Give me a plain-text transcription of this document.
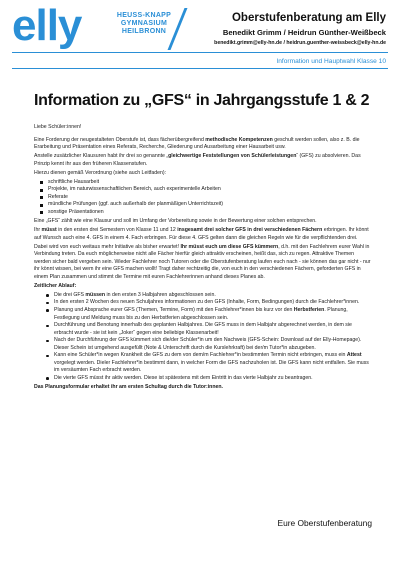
elly	HEUSS-KNAPP
GYMNASIUM
HEILBRONN
Oberstufenberatung am Elly
Benedikt Grimm / Heidrun Günther-Weißbeck
benedikt.grimm@elly-hn.de / heidrun.guenther-weissbeck@elly-hn.de
Information und Hauptwahl Klasse 10
Information zu „GFS“ in Jahrgangsstufe 1 & 2

Liebe Schüler:innen!

Eine Forderung der neugestalteten Oberstufe ist, dass fächerübergreifend methodische Kompetenzen geschult werden sollen, also z. B. die Erarbeitung und Präsentation eines Referats, Recherche, Gliederung und Ausarbeitung einer Hausarbeit usw.

Anstelle zusätzlicher Klausuren habt ihr drei so genannte „gleichwertige Feststellungen von Schülerleistungen“ (GFS) zu absolvieren. Das Prinzip kennt ihr aus den früheren Klassenstufen.

Hierzu dienen gemäß Verordnung (siehe auch Leitfaden):

schriftliche Hausarbeit
Projekte, im naturwissenschaftlichen Bereich, auch experimentelle Arbeiten
Referate
mündliche Prüfungen (ggf. auch außerhalb der planmäßigen Unterrichtszeit)
sonstige Präsentationen

Eine „GFS“ zählt wie eine Klausur und soll im Umfang der Vorbereitung sowie in der Bewertung einer solchen entsprechen.

Ihr müsst in den ersten drei Semestern von Klasse 11 und 12 insgesamt drei solcher GFS in drei verschiedenen Fächern erbringen. Ihr könnt auf Wunsch auch eine 4. GFS in einem 4. Fach erbringen. Für diese 4. GFS gelten dann die gleichen Regeln wie für die verpflichtenden drei.

Dabei wird von euch weitaus mehr Initiative als bisher erwartet! Ihr müsst euch um diese GFS kümmern, d.h. mit den Fachlehrern eurer Wahl in Verbindung treten. Da euch möglicherweise nicht alle Fächer hierfür gleich attraktiv erscheinen, heißt das, sich zu regen. Attraktive Themen werden sicher bald vergeben sein. Wieder Fachlehrer noch Tutoren oder die Oberstufenberatung laufen euch nach - sie können das gar nicht - nur ihr könnt wissen, bei wem ihr eine GFS machen wollt! Tragt daher rechtzeitig die, von euch in den verschiedenen Fächern, geforderten GFS in einem Plan zusammen und stimmt die Termine mit euren Fachlehrerinnen anhand dieses Planes ab.

Zeitlicher Ablauf:

Die drei GFS müssen in den ersten 3 Halbjahren abgeschlossen sein.
In den ersten 2 Wochen des neuen Schuljahres informationen zu den GFS (Inhalte, Form, Bedingungen) durch die Fachlehrer*innen.
Planung und Absprache eurer GFS (Themen, Termine, Form) mit den Fachlehrer*innen bis kurz vor den Herbstferien. Planung, Festlegung und Meldung muss bis zu den Herbstferien abgeschlossen sein.
Durchführung und Benotung innerhalb des geplanten Halbjahres. Die GFS muss in dem Halbjahr abgerechnet werden, in dem sie erbracht wurde - sie ist kein „Joker“ gegen eine beliebige Klassenarbeit!
Nach der Durchführung der GFS kümmert sich die/der Schüler*in um den Nachweis (GFS-Schein: Download auf der Elly-Homepage). Dieser Schein ist umgehend ausgefüllt (Note & Unterschrift durch die Kurslehrkraft) bei der/m Tutor*in abzugeben.
Kann eine Schüler*in wegen Krankheit die GFS zu dem von dem/m Fachlehrer*in bestimmten Termin nicht erbringen, muss ein Attest vorgelegt werden. Dieler Fachlehrer*in bestimmt dann, in welcher Form die GFS nachzuholen ist. Die GFS kann nicht entfallen. Sie muss im versäumten Fach erbracht werden.
Die vierte GFS müsst ihr aktiv werden. Diese ist spätestens mit dem Eintritt in das vierte Halbjahr zu beantragen.

Das Planungsformular erhaltet ihr am ersten Schultag durch die Tutor:innen.

Eure Oberstufenberatung
